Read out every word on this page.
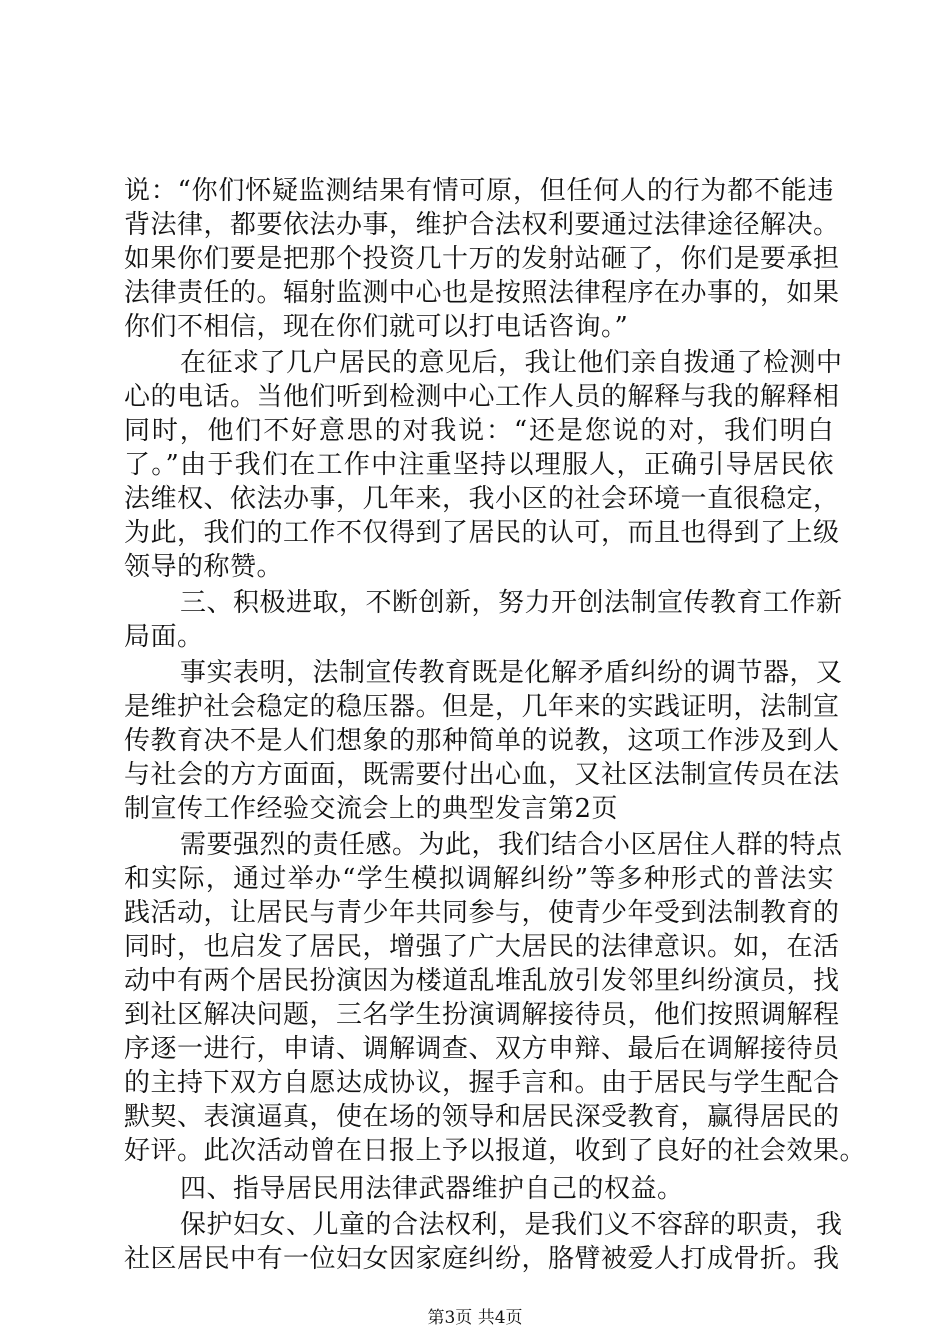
说：“你们怀疑监测结果有情可原，但任何人的行为都不能违
背法律，都要依法办事，维护合法权利要通过法律途径解决。
如果你们要是把那个投资几十万的发射站砸了，你们是要承担
法律责任的。辐射监测中心也是按照法律程序在办事的，如果
你们不相信，现在你们就可以打电话咨询。”
在征求了几户居民的意见后，我让他们亲自拨通了检测中
心的电话。当他们听到检测中心工作人员的解释与我的解释相
同时，他们不好意思的对我说：“还是您说的对，我们明白
了。”由于我们在工作中注重坚持以理服人，正确引导居民依
法维权、依法办事，几年来，我小区的社会环境一直很稳定，
为此，我们的工作不仅得到了居民的认可，而且也得到了上级
领导的称赞。
三、积极进取，不断创新，努力开创法制宣传教育工作新
局面。
事实表明，法制宣传教育既是化解矛盾纠纷的调节器，又
是维护社会稳定的稳压器。但是，几年来的实践证明，法制宣
传教育决不是人们想象的那种简单的说教，这项工作涉及到人
与社会的方方面面，既需要付出心血，又社区法制宣传员在法
制宣传工作经验交流会上的典型发言第2页
需要强烈的责任感。为此，我们结合小区居住人群的特点
和实际，通过举办“学生模拟调解纠纷”等多种形式的普法实
践活动，让居民与青少年共同参与，使青少年受到法制教育的
同时，也启发了居民，增强了广大居民的法律意识。如，在活
动中有两个居民扮演因为楼道乱堆乱放引发邻里纠纷演员，找
到社区解决问题，三名学生扮演调解接待员，他们按照调解程
序逐一进行，申请、调解调查、双方申辩、最后在调解接待员
的主持下双方自愿达成协议，握手言和。由于居民与学生配合
默契、表演逼真，使在场的领导和居民深受教育，赢得居民的
好评。此次活动曾在日报上予以报道，收到了良好的社会效果。
四、指导居民用法律武器维护自己的权益。
保护妇女、儿童的合法权利，是我们义不容辞的职责，我
社区居民中有一位妇女因家庭纠纷，胳臂被爱人打成骨折。我
第3页 共4页
